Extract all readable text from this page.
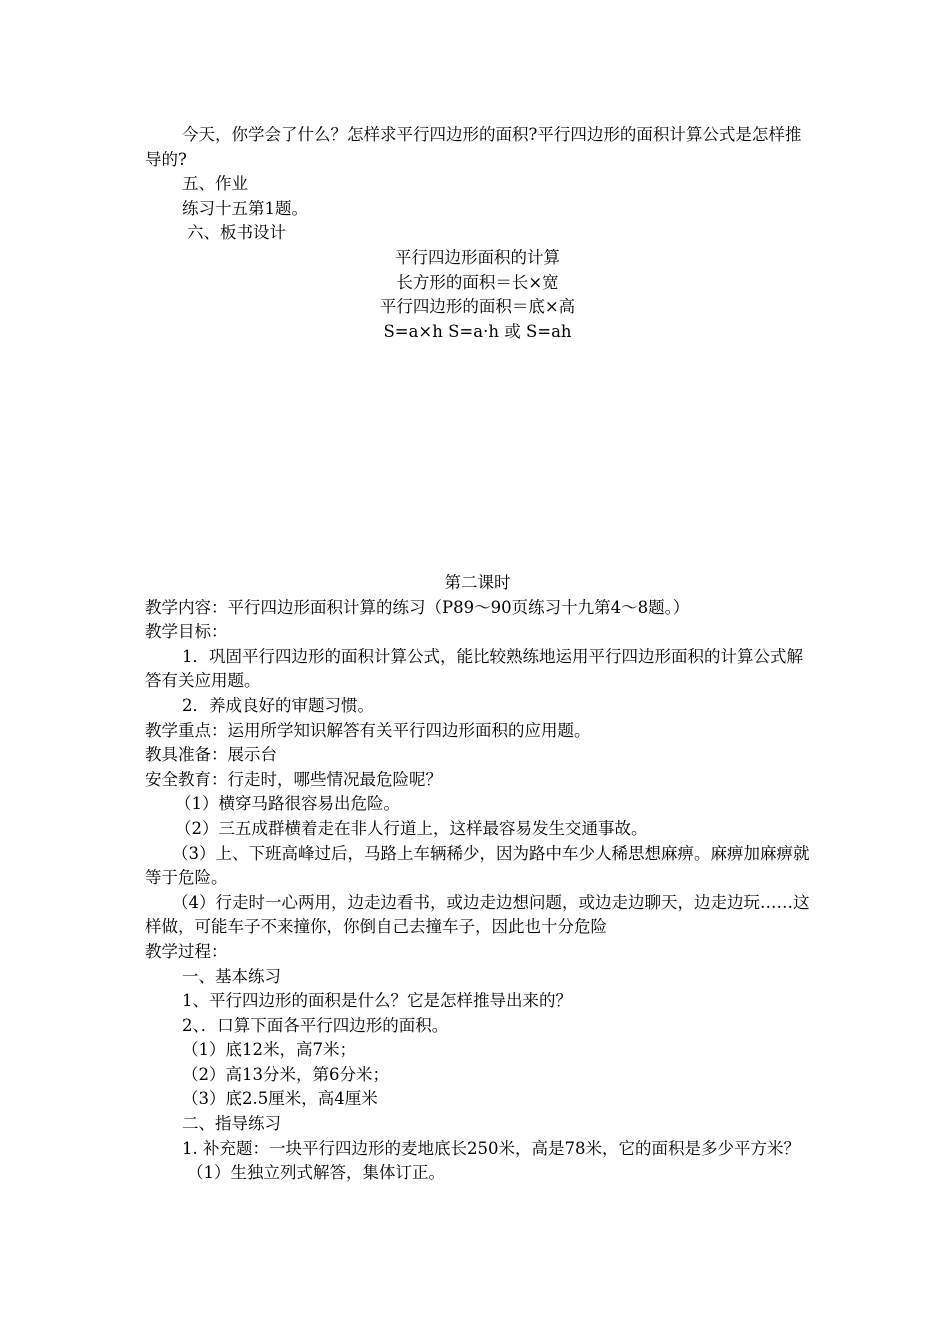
今天，你学会了什么？怎样求平行四边形的面积?平行四边形的面积计算公式是怎样推导的?

五、作业

练习十五第1题。

六、板书设计

平行四边形面积的计算

长方形的面积＝长×宽

平行四边形的面积＝底×高

S=a×h S=a·h 或 S=ah

第二课时

教学内容：平行四边形面积计算的练习（P89～90页练习十九第4～8题。）

教学目标：

1．巩固平行四边形的面积计算公式，能比较熟练地运用平行四边形面积的计算公式解答有关应用题。

2．养成良好的审题习惯。

教学重点：运用所学知识解答有关平行四边形面积的应用题。

教具准备：展示台

安全教育：行走时，哪些情况最危险呢？

（1）横穿马路很容易出危险。

（2）三五成群横着走在非人行道上，这样最容易发生交通事故。

（3）上、下班高峰过后，马路上车辆稀少，因为路中车少人稀思想麻痹。麻痹加麻痹就等于危险。

（4）行走时一心两用，边走边看书，或边走边想问题，或边走边聊天，边走边玩……这样做，可能车子不来撞你，你倒自己去撞车子，因此也十分危险

教学过程：

一、基本练习

1、平行四边形的面积是什么？它是怎样推导出来的？

2、．口算下面各平行四边形的面积。

（1）底12米，高7米；

（2）高13分米，第6分米；

（3）底2.5厘米，高4厘米

二、指导练习

1. 补充题：一块平行四边形的麦地底长250米，高是78米，它的面积是多少平方米？

（1）生独立列式解答，集体订正。
